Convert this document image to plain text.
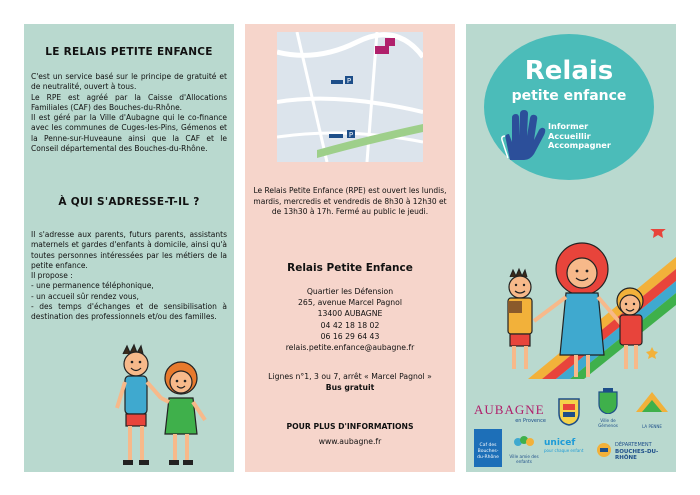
LE RELAIS PETITE ENFANCE

C'est un service basé sur le principe de gratuité et de neutralité, ouvert à tous.

Le RPE est agréé par la Caisse d'Allocations Familiales (CAF) des Bouches-du-Rhône.

Il est géré par la Ville d'Aubagne qui le co-finance avec les communes de Cuges-les-Pins, Gémenos et la Penne-sur-Huveaune ainsi que la CAF et le Conseil départemental des Bouches-du-Rhône.

À QUI S'ADRESSE-T-IL ?

Il s'adresse aux parents, futurs parents, assistants maternels et gardes d'enfants à domicile, ainsi qu'à toutes personnes intéressées par les métiers de la petite enfance.

Il propose :

- une permanence téléphonique,

- un accueil sûr rendez vous,

- des temps d'échanges et de sensibilisation à destination des professionnels et/ou des familles.

P
P
Le Relais Petite Enfance (RPE) est ouvert les lundis, mardis, mercredis et vendredis de 8h30 à 12h30 et de 13h30 à 17h. Fermé au public le jeudi.
Relais Petite Enfance
Quartier les Défension
265, avenue Marcel Pagnol
13400 AUBAGNE
04 42 18 18 02
06 16 29 64 43
relais.petite.enfance@aubagne.fr
Lignes n°1, 3 ou 7, arrêt « Marcel Pagnol »
Bus gratuit
POUR PLUS D'INFORMATIONS
www.aubagne.fr
Relais
petite enfance
Informer
Accueillir
Accompagner
AUBAGNE
en Provence	Ville de Gémenos	LA PENNE
Caf des Bouches-du-Rhône	Ville amie des enfants
unicef
pour chaque enfant
DÉPARTEMENT
BOUCHES-DU-RHÔNE
